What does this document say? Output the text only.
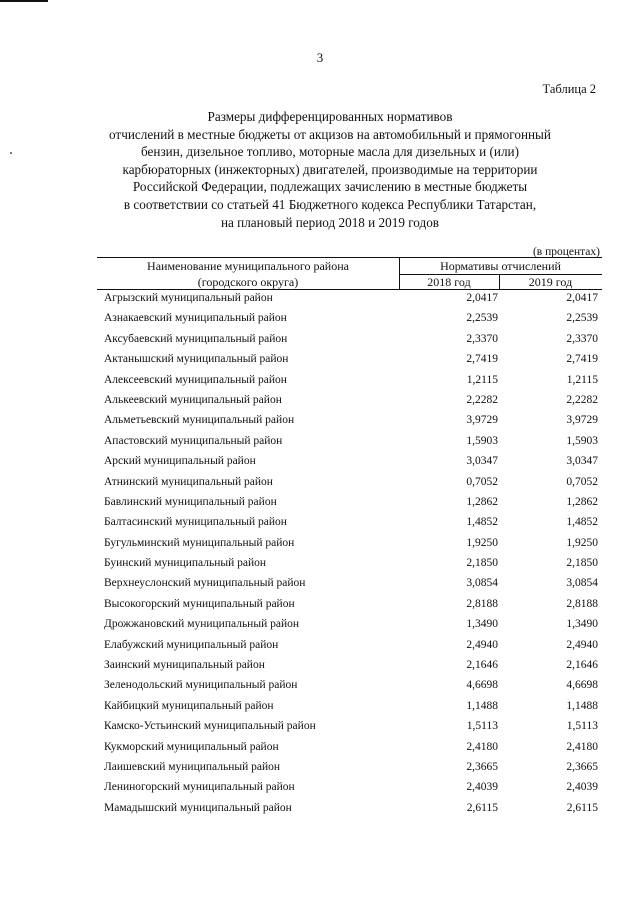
3
Таблица 2
Размеры дифференцированных нормативов
отчислений в местные бюджеты от акцизов на автомобильный и прямогонный
бензин, дизельное топливо, моторные масла для дизельных и (или)
карбюраторных (инжекторных) двигателей, производимые на территории
Российской Федерации, подлежащих зачислению в местные бюджеты
в соответствии со статьей 41 Бюджетного кодекса Республики Татарстан,
на плановый период 2018 и 2019 годов
(в процентах)
Наименование муниципального района
(городского округа)
Нормативы отчислений
2018 год	2019 год
Агрызский муниципальный район	2,0417	2,0417
Азнакаевский муниципальный район	2,2539	2,2539
Аксубаевский муниципальный район	2,3370	2,3370
Актанышский муниципальный район	2,7419	2,7419
Алексеевский муниципальный район	1,2115	1,2115
Алькеевский муниципальный район	2,2282	2,2282
Альметьевский муниципальный район	3,9729	3,9729
Апастовский муниципальный район	1,5903	1,5903
Арский муниципальный район	3,0347	3,0347
Атнинский муниципальный район	0,7052	0,7052
Бавлинский муниципальный район	1,2862	1,2862
Балтасинский муниципальный район	1,4852	1,4852
Бугульминский муниципальный район	1,9250	1,9250
Буинский муниципальный район	2,1850	2,1850
Верхнеуслонский муниципальный район	3,0854	3,0854
Высокогорский муниципальный район	2,8188	2,8188
Дрожжановский муниципальный район	1,3490	1,3490
Елабужский муниципальный район	2,4940	2,4940
Заинский муниципальный район	2,1646	2,1646
Зеленодольский муниципальный район	4,6698	4,6698
Кайбицкий муниципальный район	1,1488	1,1488
Камско-Устьинский муниципальный район	1,5113	1,5113
Кукморский муниципальный район	2,4180	2,4180
Лаишевский муниципальный район	2,3665	2,3665
Лениногорский муниципальный район	2,4039	2,4039
Мамадышский муниципальный район	2,6115	2,6115
